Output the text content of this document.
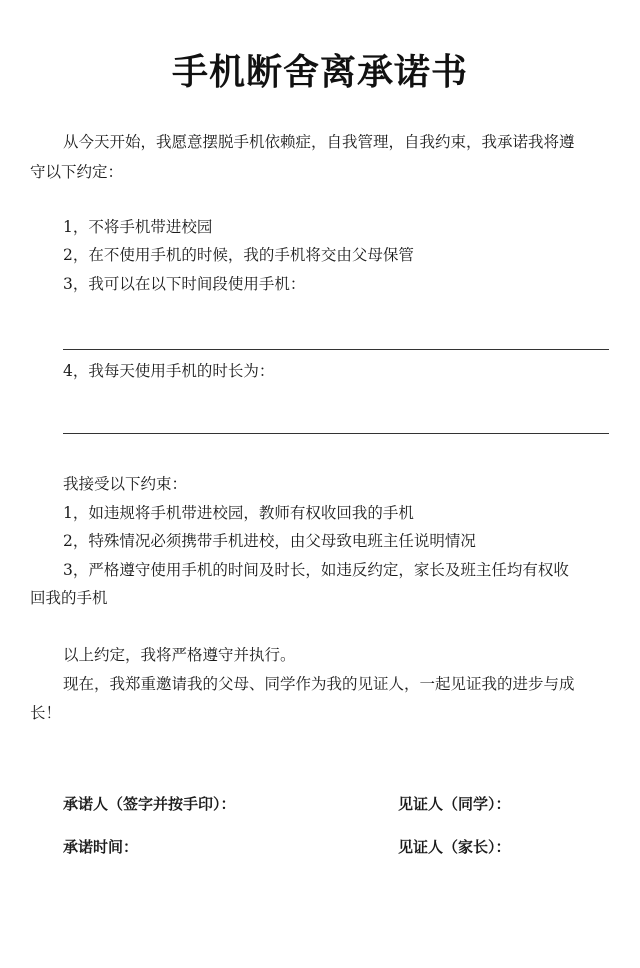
手机断舍离承诺书
从今天开始，我愿意摆脱手机依赖症，自我管理，自我约束，我承诺我将遵
守以下约定：
1，不将手机带进校园
2，在不使用手机的时候，我的手机将交由父母保管
3，我可以在以下时间段使用手机：
4，我每天使用手机的时长为：
我接受以下约束：
1，如违规将手机带进校园，教师有权收回我的手机
2，特殊情况必须携带手机进校，由父母致电班主任说明情况
3，严格遵守使用手机的时间及时长，如违反约定，家长及班主任均有权收
回我的手机
以上约定，我将严格遵守并执行。
现在，我郑重邀请我的父母、同学作为我的见证人，一起见证我的进步与成
长！
承诺人（签字并按手印）：	见证人（同学）：
承诺时间：	见证人（家长）：
